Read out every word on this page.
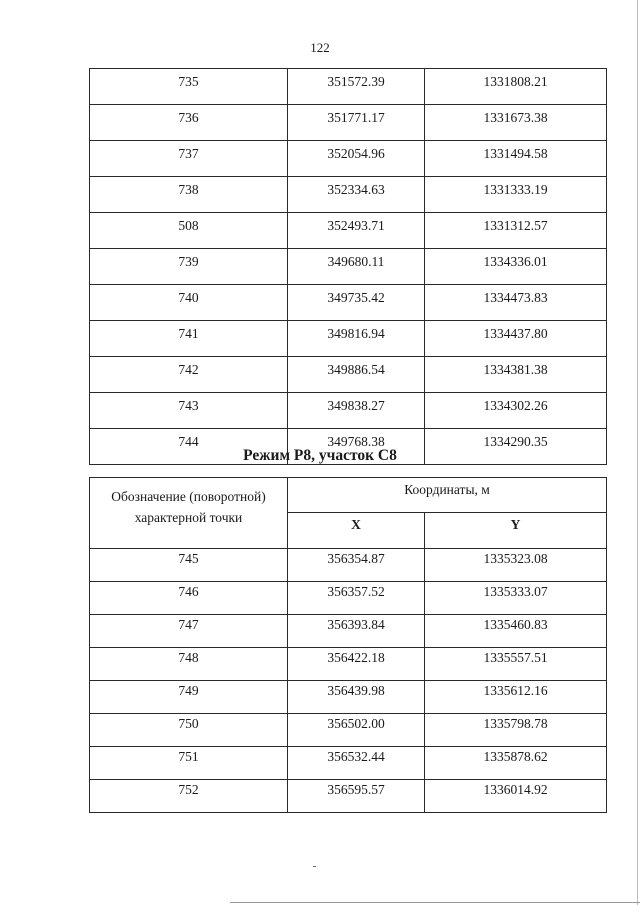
122
735	351572.39	1331808.21
736	351771.17	1331673.38
737	352054.96	1331494.58
738	352334.63	1331333.19
508	352493.71	1331312.57
739	349680.11	1334336.01
740	349735.42	1334473.83
741	349816.94	1334437.80
742	349886.54	1334381.38
743	349838.27	1334302.26
744	349768.38	1334290.35
Режим Р8, участок С8
Обозначение (поворотной) характерной точки	Координаты, м	
	X	Y
745	356354.87	1335323.08
746	356357.52	1335333.07
747	356393.84	1335460.83
748	356422.18	1335557.51
749	356439.98	1335612.16
750	356502.00	1335798.78
751	356532.44	1335878.62
752	356595.57	1336014.92
